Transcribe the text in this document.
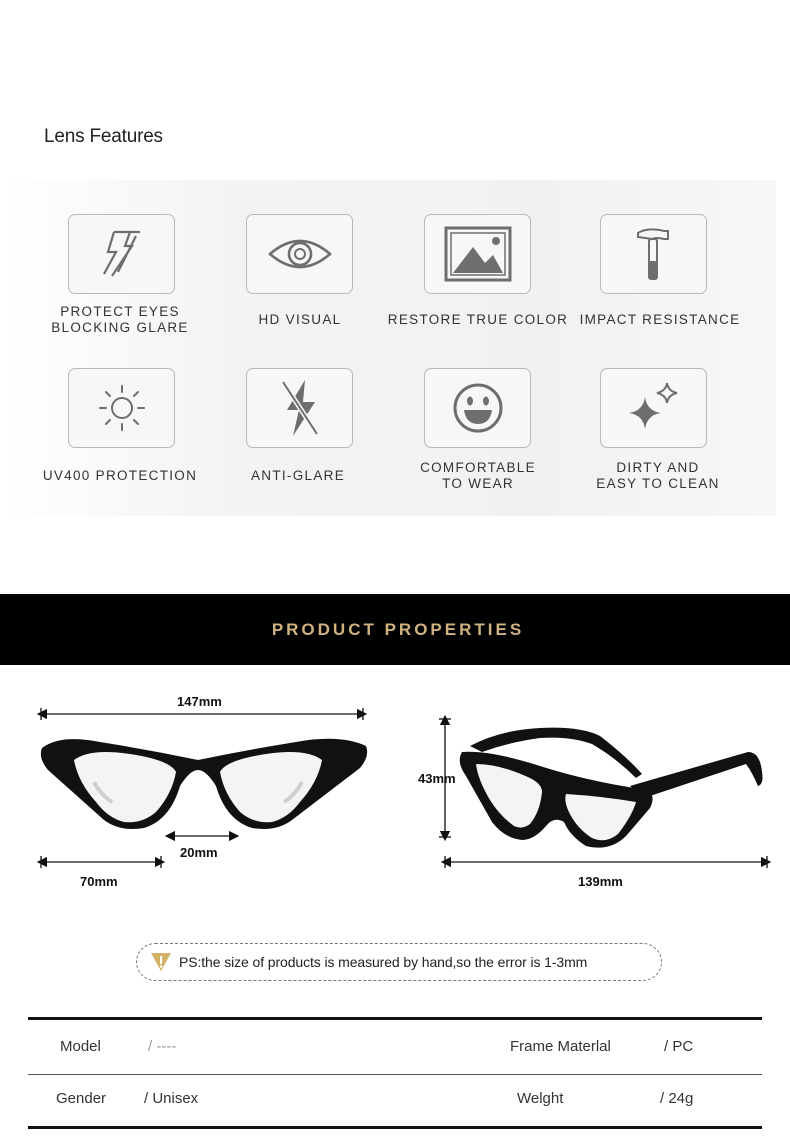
Lens Features
PROTECT EYES
BLOCKING GLARE
HD VISUAL	RESTORE TRUE COLOR IMPACT RESISTANCE
UV400 PROTECTION	ANTI-GLARE
COMFORTABLE
TO WEAR
DIRTY AND
EASY TO CLEAN
PRODUCT PROPERTIES
147mm
20mm
70mm
43mm
139mm
PS:the size of products is measured by hand,so the error is 1-3mm
Model	/ ----	Frame Materlal	/ PC
Gender	/ Unisex	Welght	/ 24g
